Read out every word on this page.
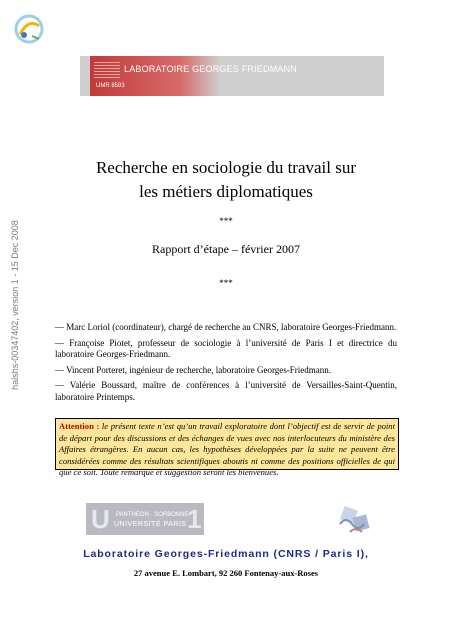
halshs-00347402, version 1 - 15 Dec 2008
LABORATOIRE GEORGES FRIEDMANN
UMR 8593
Recherche en sociologie du travail sur
les métiers diplomatiques
***
Rapport d’étape – février 2007
***

— Marc Loriol (coordinateur), chargé de recherche au CNRS, laboratoire Georges-Friedmann.

— Françoise Piotet, professeur de sociologie à l’université de Paris I et directrice du laboratoire Georges-Friedmann.

— Vincent Porteret, ingénieur de recherche, laboratoire Georges-Friedmann.

— Valérie Boussard, maître de conférences à l’université de Versailles-Saint-Quentin, laboratoire Printemps.

Attention : le présent texte n’est qu’un travail exploratoire dont l’objectif est de servir de point de départ pour des discussions et des échanges de vues avec nos interlocuteurs du ministère des Affaires étrangères. En aucun cas, les hypothèses développées par la suite ne peuvent être considérées comme des résultats scientifiques aboutis ni comme des positions officielles de qui que ce soit. Toute remarque et suggestion seront les bienvenues.
U PANTHÉON - SORBONNE
UNIVERSITÉ PARIS 1
Laboratoire Georges-Friedmann (CNRS / Paris I),
27 avenue E. Lombart, 92 260 Fontenay-aux-Roses
